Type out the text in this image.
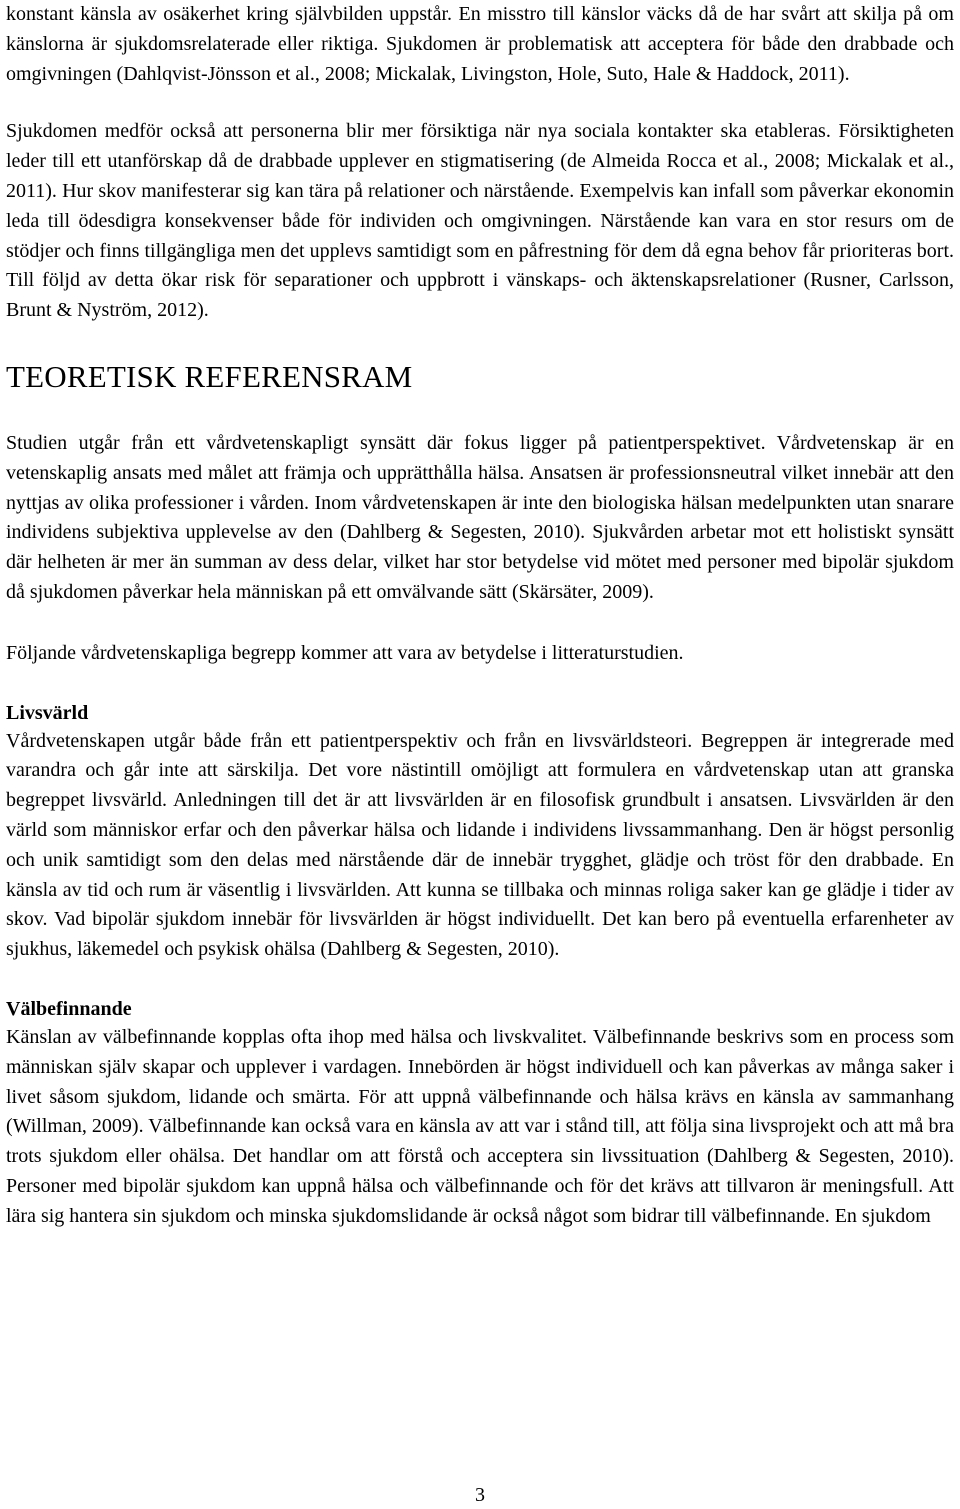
konstant känsla av osäkerhet kring självbilden uppstår. En misstro till känslor väcks då de har svårt att skilja på om känslorna är sjukdomsrelaterade eller riktiga. Sjukdomen är problematisk att acceptera för både den drabbade och omgivningen (Dahlqvist-Jönsson et al., 2008; Mickalak, Livingston, Hole, Suto, Hale & Haddock, 2011).

Sjukdomen medför också att personerna blir mer försiktiga när nya sociala kontakter ska etableras. Försiktigheten leder till ett utanförskap då de drabbade upplever en stigmatisering (de Almeida Rocca et al., 2008; Mickalak et al., 2011). Hur skov manifesterar sig kan tära på relationer och närstående. Exempelvis kan infall som påverkar ekonomin leda till ödesdigra konsekvenser både för individen och omgivningen. Närstående kan vara en stor resurs om de stödjer och finns tillgängliga men det upplevs samtidigt som en påfrestning för dem då egna behov får prioriteras bort. Till följd av detta ökar risk för separationer och uppbrott i vänskaps- och äktenskapsrelationer (Rusner, Carlsson, Brunt & Nyström, 2012).

TEORETISK REFERENSRAM

Studien utgår från ett vårdvetenskapligt synsätt där fokus ligger på patientperspektivet. Vårdvetenskap är en vetenskaplig ansats med målet att främja och upprätthålla hälsa. Ansatsen är professionsneutral vilket innebär att den nyttjas av olika professioner i vården. Inom vårdvetenskapen är inte den biologiska hälsan medelpunkten utan snarare individens subjektiva upplevelse av den (Dahlberg & Segesten, 2010). Sjukvården arbetar mot ett holistiskt synsätt där helheten är mer än summan av dess delar, vilket har stor betydelse vid mötet med personer med bipolär sjukdom då sjukdomen påverkar hela människan på ett omvälvande sätt (Skärsäter, 2009).

Följande vårdvetenskapliga begrepp kommer att vara av betydelse i litteraturstudien.

Livsvärld

Vårdvetenskapen utgår både från ett patientperspektiv och från en livsvärldsteori. Begreppen är integrerade med varandra och går inte att särskilja. Det vore nästintill omöjligt att formulera en vårdvetenskap utan att granska begreppet livsvärld. Anledningen till det är att livsvärlden är en filosofisk grundbult i ansatsen. Livsvärlden är den värld som människor erfar och den påverkar hälsa och lidande i individens livssammanhang. Den är högst personlig och unik samtidigt som den delas med närstående där de innebär trygghet, glädje och tröst för den drabbade. En känsla av tid och rum är väsentlig i livsvärlden. Att kunna se tillbaka och minnas roliga saker kan ge glädje i tider av skov. Vad bipolär sjukdom innebär för livsvärlden är högst individuellt. Det kan bero på eventuella erfarenheter av sjukhus, läkemedel och psykisk ohälsa (Dahlberg & Segesten, 2010).

Välbefinnande

Känslan av välbefinnande kopplas ofta ihop med hälsa och livskvalitet. Välbefinnande beskrivs som en process som människan själv skapar och upplever i vardagen. Innebörden är högst individuell och kan påverkas av många saker i livet såsom sjukdom, lidande och smärta. För att uppnå välbefinnande och hälsa krävs en känsla av sammanhang (Willman, 2009). Välbefinnande kan också vara en känsla av att var i stånd till, att följa sina livsprojekt och att må bra trots sjukdom eller ohälsa. Det handlar om att förstå och acceptera sin livssituation (Dahlberg & Segesten, 2010). Personer med bipolär sjukdom kan uppnå hälsa och välbefinnande och för det krävs att tillvaron är meningsfull. Att lära sig hantera sin sjukdom och minska sjukdomslidande är också något som bidrar till välbefinnande. En sjukdom

3
